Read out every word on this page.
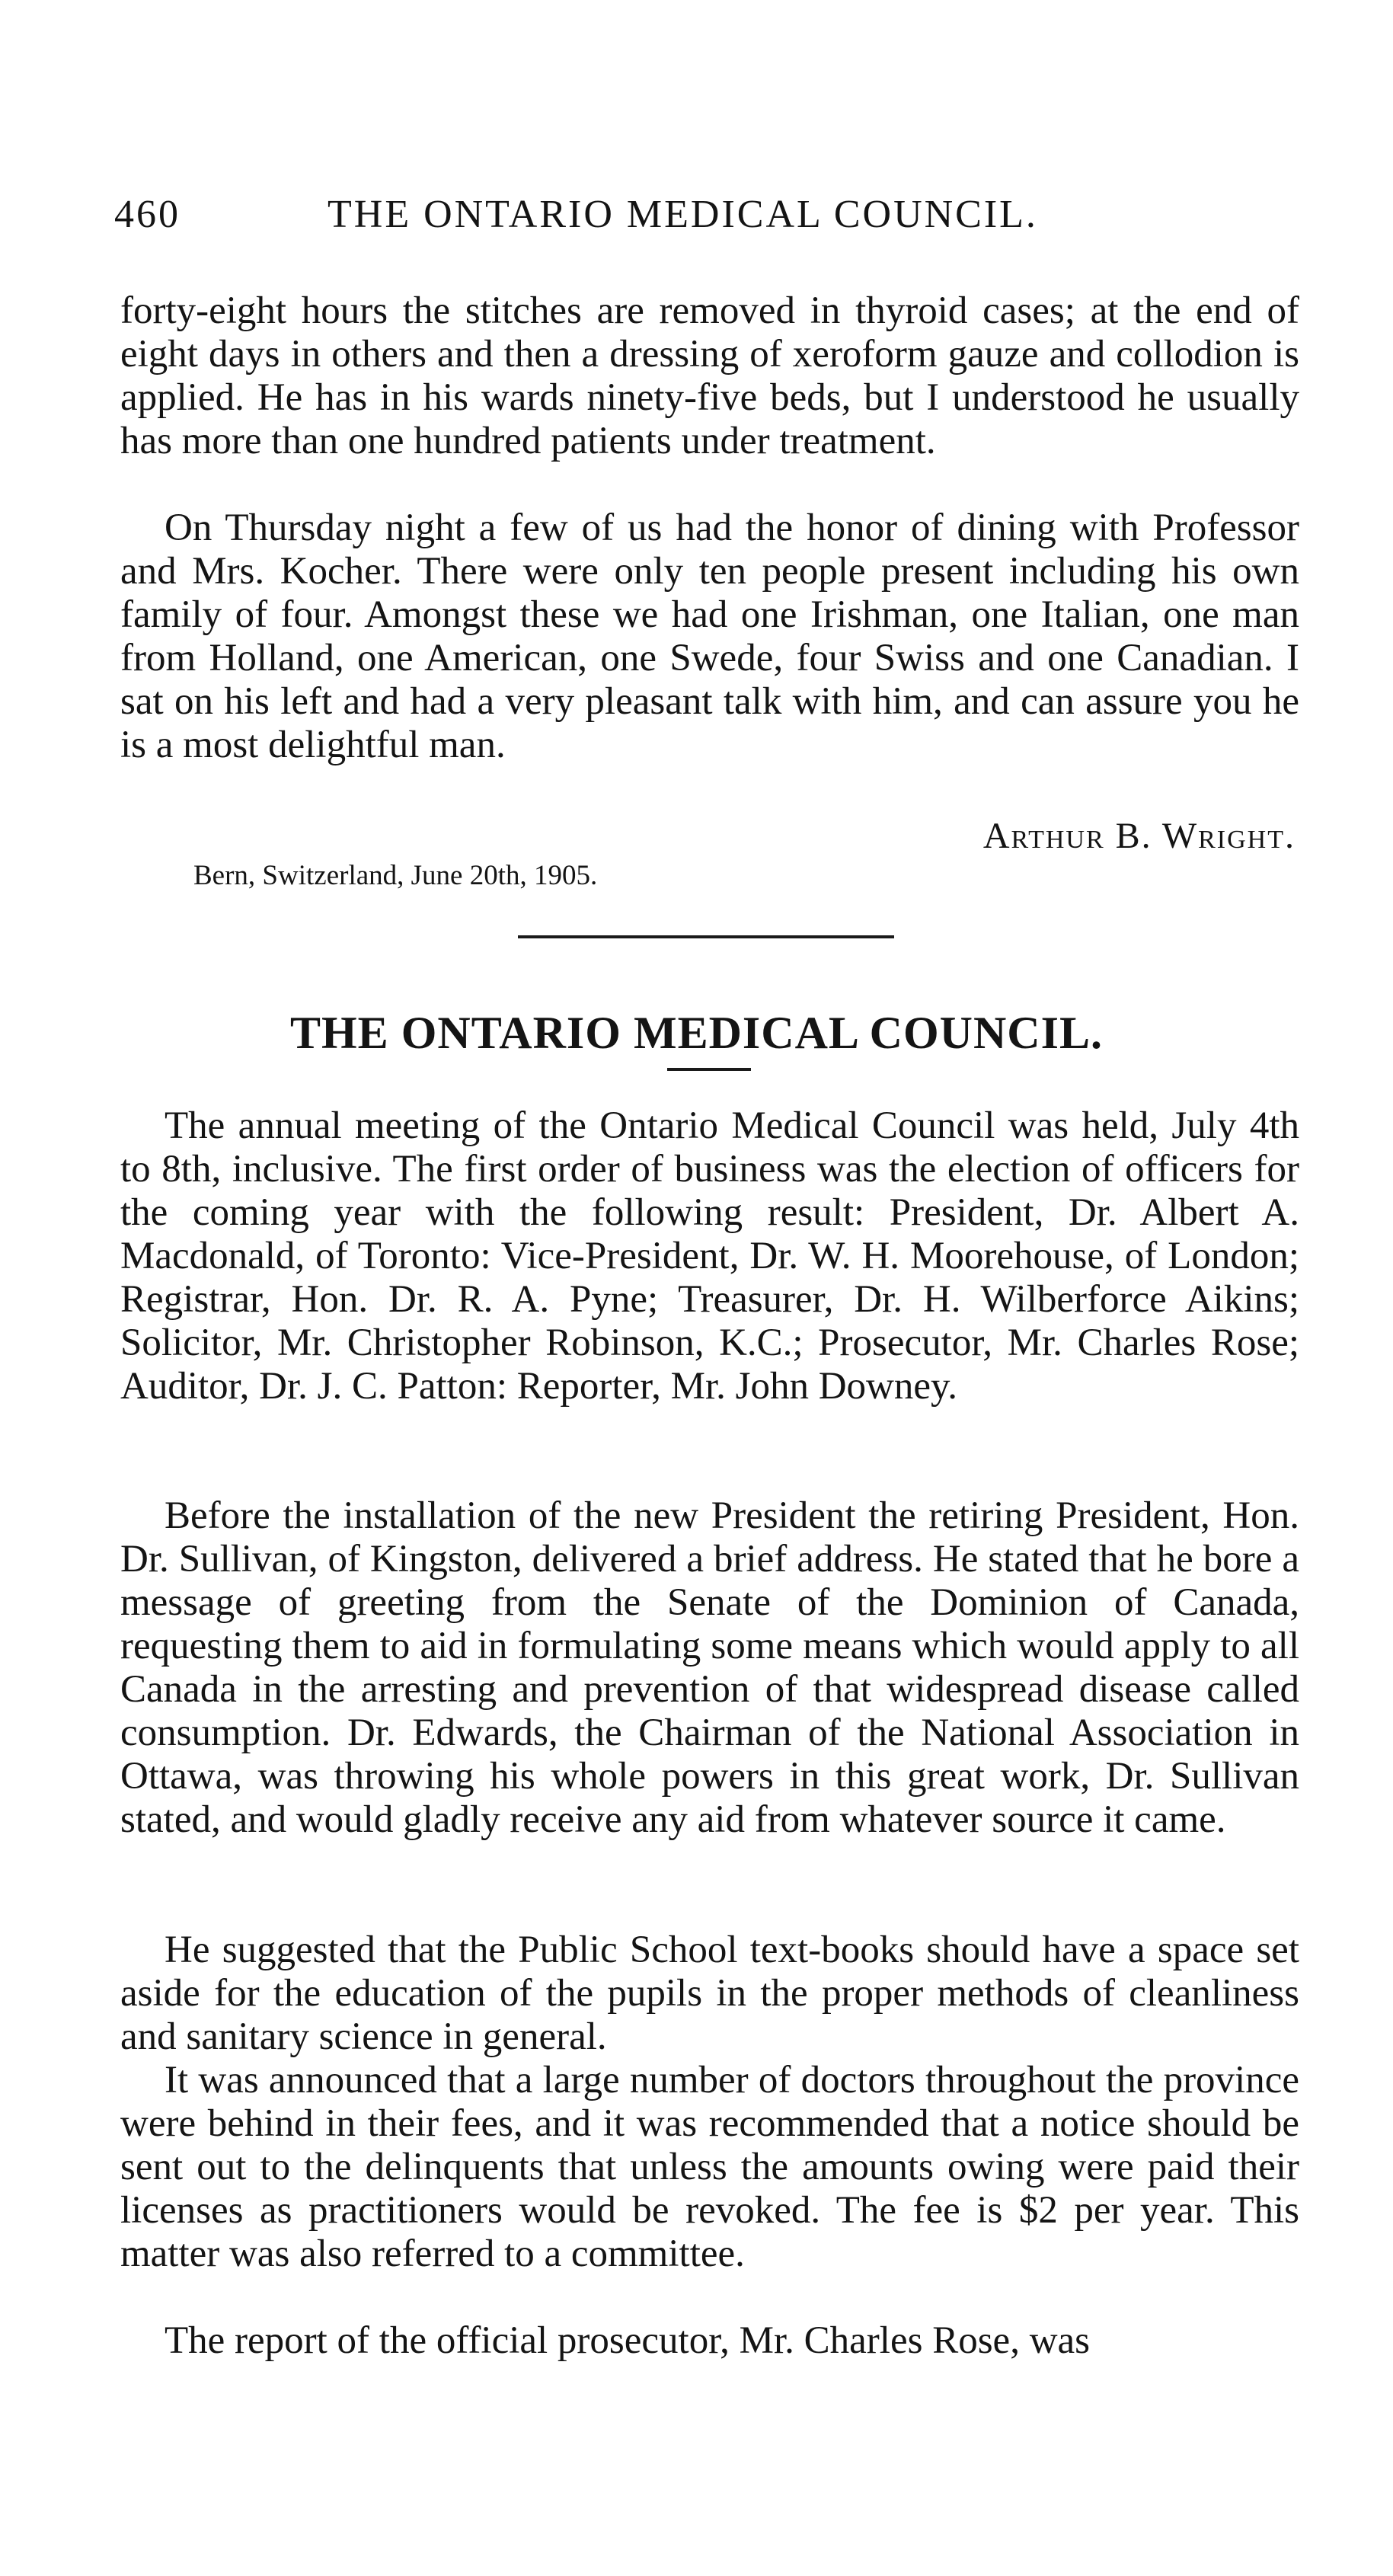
460	THE ONTARIO MEDICAL COUNCIL.

forty-eight hours the stitches are removed in thyroid cases; at the end of eight days in others and then a dressing of xeroform gauze and collodion is applied. He has in his wards ninety-five beds, but I understood he usually has more than one hundred patients under treatment.

On Thursday night a few of us had the honor of dining with Professor and Mrs. Kocher. There were only ten people present including his own family of four. Amongst these we had one Irishman, one Italian, one man from Holland, one American, one Swede, four Swiss and one Canadian. I sat on his left and had a very pleasant talk with him, and can assure you he is a most delightful man.

Arthur B. Wright.
Bern, Switzerland, June 20th, 1905.
THE ONTARIO MEDICAL COUNCIL.

The annual meeting of the Ontario Medical Council was held, July 4th to 8th, inclusive. The first order of business was the election of officers for the coming year with the following result: President, Dr. Albert A. Macdonald, of Toronto: Vice-President, Dr. W. H. Moorehouse, of London; Registrar, Hon. Dr. R. A. Pyne; Treasurer, Dr. H. Wilberforce Aikins; Solicitor, Mr. Christopher Robinson, K.C.; Prosecutor, Mr. Charles Rose; Auditor, Dr. J. C. Patton: Reporter, Mr. John Downey.

Before the installation of the new President the retiring President, Hon. Dr. Sullivan, of Kingston, delivered a brief address. He stated that he bore a message of greeting from the Senate of the Dominion of Canada, requesting them to aid in formulating some means which would apply to all Canada in the arresting and prevention of that widespread disease called consumption. Dr. Edwards, the Chairman of the National Association in Ottawa, was throwing his whole powers in this great work, Dr. Sullivan stated, and would gladly receive any aid from whatever source it came.

He suggested that the Public School text-books should have a space set aside for the education of the pupils in the proper methods of cleanliness and sanitary science in general.

It was announced that a large number of doctors throughout the province were behind in their fees, and it was recommended that a notice should be sent out to the delinquents that unless the amounts owing were paid their licenses as practitioners would be revoked. The fee is $2 per year. This matter was also referred to a committee.

The report of the official prosecutor, Mr. Charles Rose, was
